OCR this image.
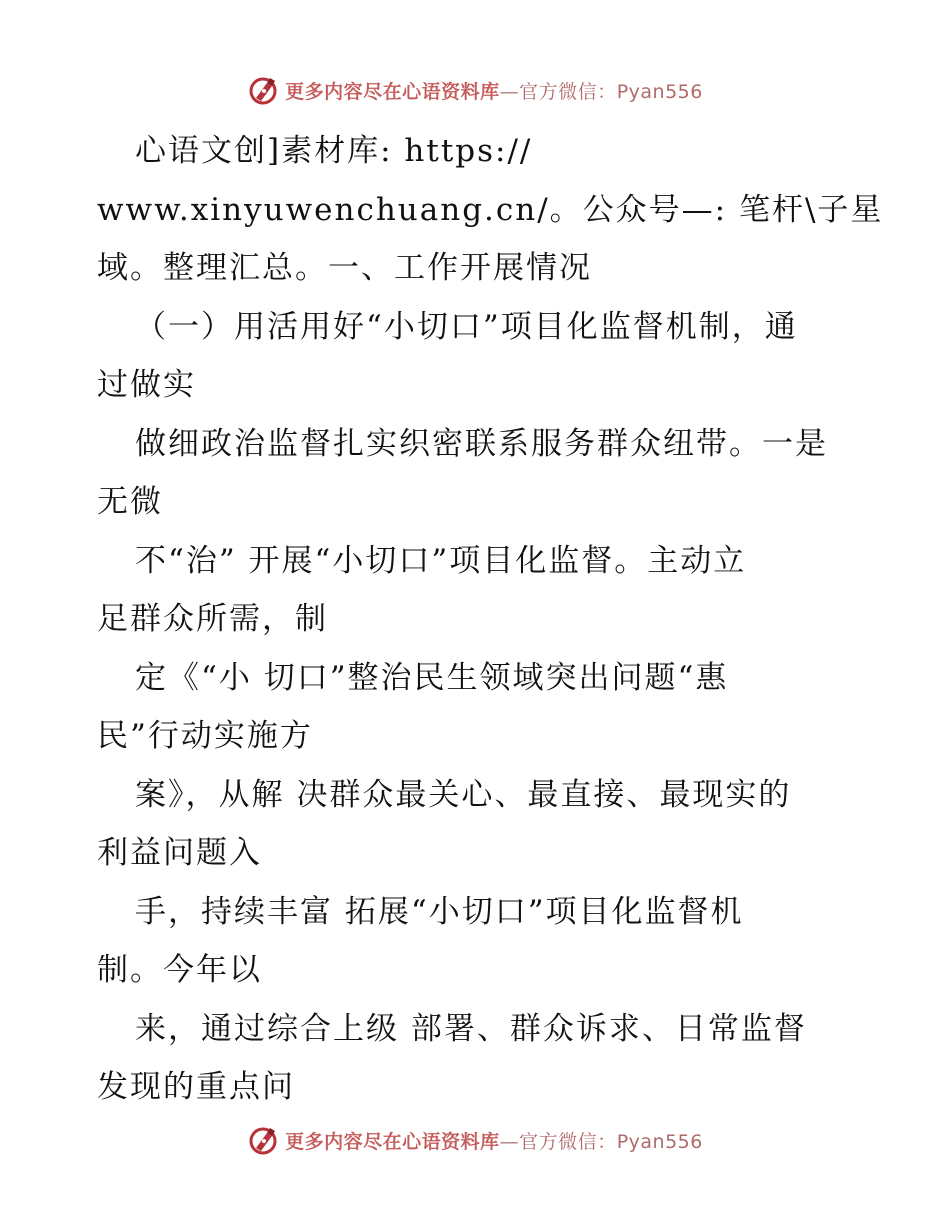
更多内容尽在心语资料库—官方微信：Pyan556
心语文创]素材库: https://
www.xinyuwenchuang.cn/。公众号—: 笔杆\子星
域。整理汇总。一、工作开展情况
（一）用活用好“小切口”项目化监督机制，通
过做实
做细政治监督扎实织密联系服务群众纽带。一是
无微
不“治” 开展“小切口”项目化监督。主动立
足群众所需，制
定《“小 切口”整治民生领域突出问题“惠
民”行动实施方
案》，从解 决群众最关心、最直接、最现实的
利益问题入
手，持续丰富 拓展“小切口”项目化监督机
制。今年以
来，通过综合上级 部署、群众诉求、日常监督
发现的重点问
更多内容尽在心语资料库—官方微信：Pyan556
